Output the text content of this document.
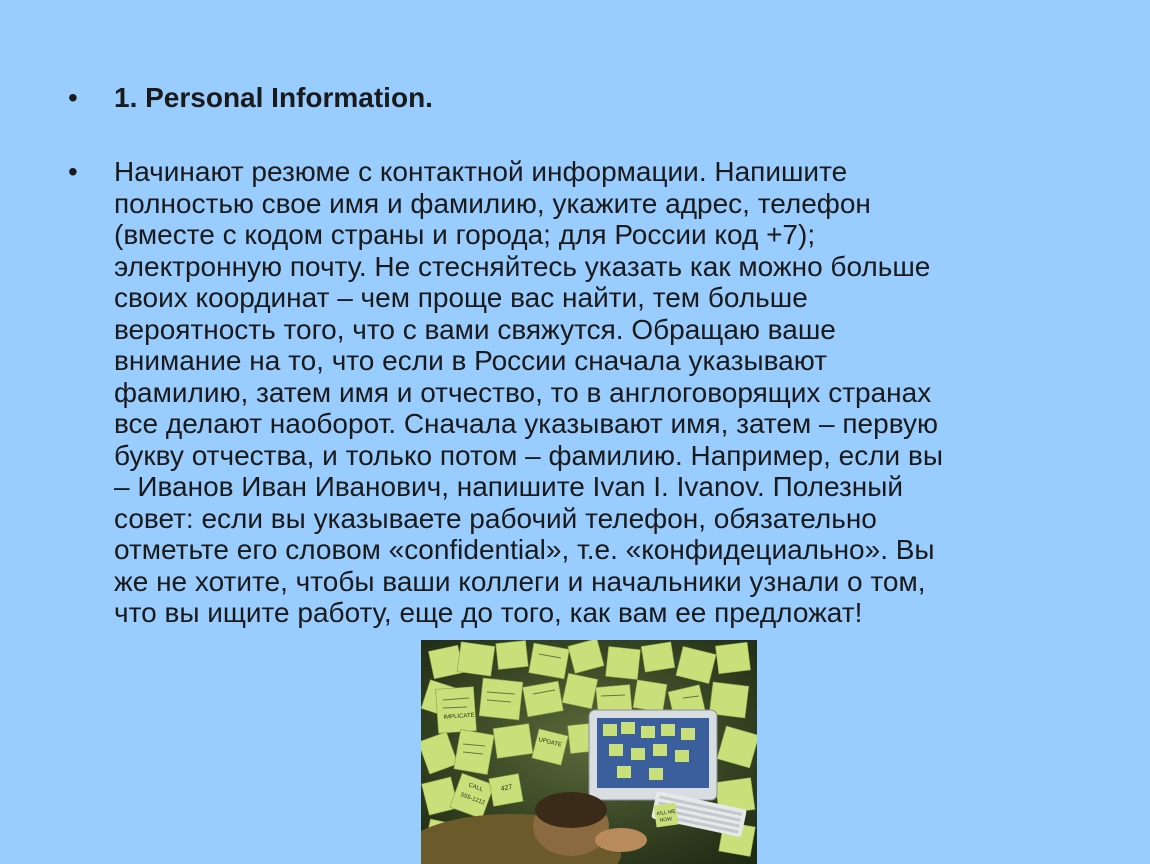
•	1. Personal Information.
•	Начинают резюме с контактной информации. Напишите
полностью свое имя и фамилию, укажите адрес, телефон
(вместе с кодом страны и города; для России код +7);
электронную почту. Не стесняйтесь указать как можно больше
своих координат – чем проще вас найти, тем больше
вероятность того, что с вами свяжутся. Обращаю ваше
внимание на то, что если в России сначала указывают
фамилию, затем имя и отчество, то в англоговорящих странах
все делают наоборот. Сначала указывают имя, затем – первую
букву отчества, и только потом – фамилию. Например, если вы
– Иванов Иван Иванович, напишите Ivan I. Ivanov. Полезный
совет: если вы указываете рабочий телефон, обязательно
отметьте его словом «confidential», т.е. «конфидециально». Вы
же не хотите, чтобы ваши коллеги и начальники узнали о том,
что вы ищите работу, еще до того, как вам ее предложат!
KILL ME
NOW
IMPLICATE
CALL
555-1212
427
UPDATE
